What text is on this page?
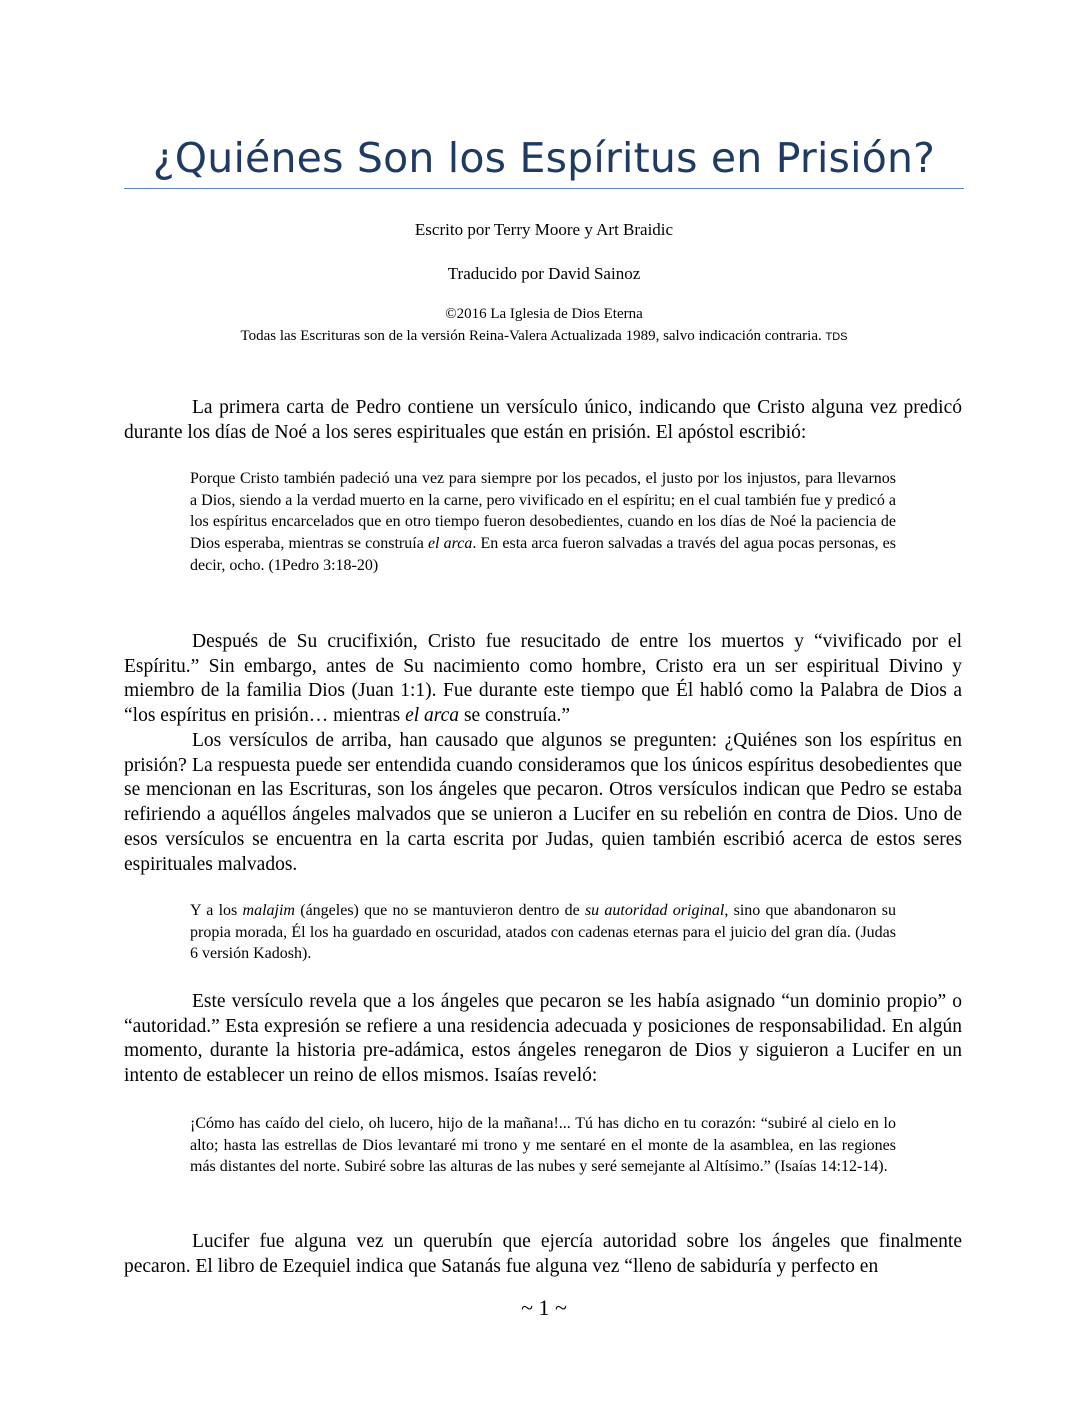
¿Quiénes Son los Espíritus en Prisión?
Escrito por Terry Moore y Art Braidic
Traducido por David Sainoz
©2016 La Iglesia de Dios Eterna
Todas las Escrituras son de la versión Reina-Valera Actualizada 1989, salvo indicación contraria. TDS

La primera carta de Pedro contiene un versículo único, indicando que Cristo alguna vez predicó durante los días de Noé a los seres espirituales que están en prisión. El apóstol escribió:

Porque Cristo también padeció una vez para siempre por los pecados, el justo por los injustos, para llevarnos a Dios, siendo a la verdad muerto en la carne, pero vivificado en el espíritu; en el cual también fue y predicó a los espíritus encarcelados que en otro tiempo fueron desobedientes, cuando en los días de Noé la paciencia de Dios esperaba, mientras se construía el arca. En esta arca fueron salvadas a través del agua pocas personas, es decir, ocho. (1Pedro 3:18-20)

Después de Su crucifixión, Cristo fue resucitado de entre los muertos y “vivificado por el Espíritu.” Sin embargo, antes de Su nacimiento como hombre, Cristo era un ser espiritual Divino y miembro de la familia Dios (Juan 1:1). Fue durante este tiempo que Él habló como la Palabra de Dios a “los espíritus en prisión… mientras el arca se construía.”

Los versículos de arriba, han causado que algunos se pregunten: ¿Quiénes son los espíritus en prisión? La respuesta puede ser entendida cuando consideramos que los únicos espíritus desobedientes que se mencionan en las Escrituras, son los ángeles que pecaron. Otros versículos indican que Pedro se estaba refiriendo a aquéllos ángeles malvados que se unieron a Lucifer en su rebelión en contra de Dios. Uno de esos versículos se encuentra en la carta escrita por Judas, quien también escribió acerca de estos seres espirituales malvados.

Y a los malajim (ángeles) que no se mantuvieron dentro de su autoridad original, sino que abandonaron su propia morada, Él los ha guardado en oscuridad, atados con cadenas eternas para el juicio del gran día. (Judas 6 versión Kadosh).

Este versículo revela que a los ángeles que pecaron se les había asignado “un dominio propio” o “autoridad.” Esta expresión se refiere a una residencia adecuada y posiciones de responsabilidad. En algún momento, durante la historia pre-adámica, estos ángeles renegaron de Dios y siguieron a Lucifer en un intento de establecer un reino de ellos mismos. Isaías reveló:

¡Cómo has caído del cielo, oh lucero, hijo de la mañana!... Tú has dicho en tu corazón: “subiré al cielo en lo alto; hasta las estrellas de Dios levantaré mi trono y me sentaré en el monte de la asamblea, en las regiones más distantes del norte. Subiré sobre las alturas de las nubes y seré semejante al Altísimo.” (Isaías 14:12-14).

Lucifer fue alguna vez un querubín que ejercía autoridad sobre los ángeles que finalmente pecaron. El libro de Ezequiel indica que Satanás fue alguna vez “lleno de sabiduría y perfecto en

~ 1 ~
